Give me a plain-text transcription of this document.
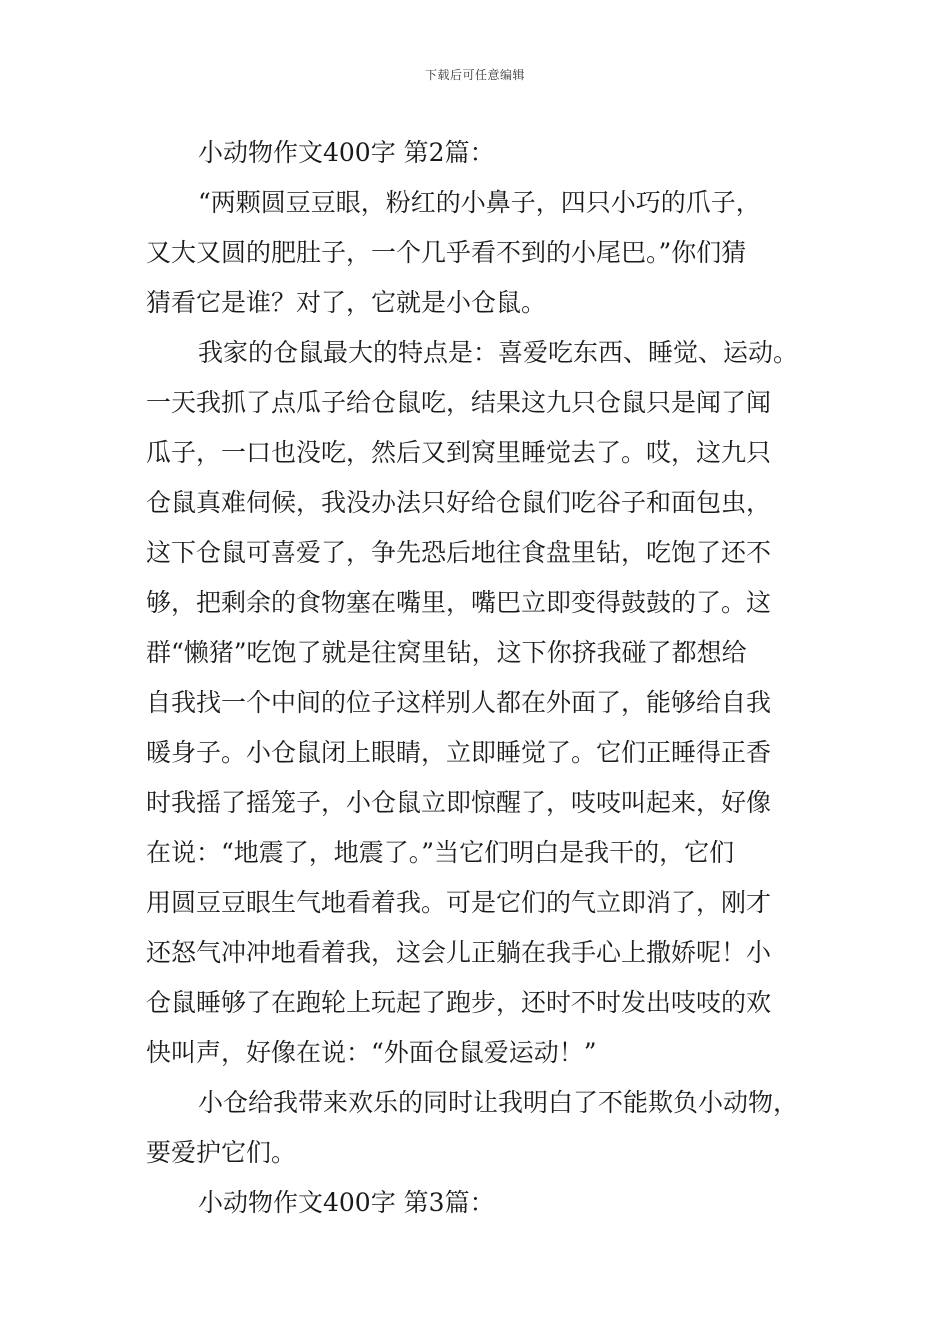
下载后可任意编辑
小动物作文400字 第2篇：
“两颗圆豆豆眼，粉红的小鼻子，四只小巧的爪子，
又大又圆的肥肚子，一个几乎看不到的小尾巴。”你们猜
猜看它是谁？对了，它就是小仓鼠。
我家的仓鼠最大的特点是：喜爱吃东西、睡觉、运动。
一天我抓了点瓜子给仓鼠吃，结果这九只仓鼠只是闻了闻
瓜子，一口也没吃，然后又到窝里睡觉去了。哎，这九只
仓鼠真难伺候，我没办法只好给仓鼠们吃谷子和面包虫，
这下仓鼠可喜爱了，争先恐后地往食盘里钻，吃饱了还不
够，把剩余的食物塞在嘴里，嘴巴立即变得鼓鼓的了。这
群“懒猪”吃饱了就是往窝里钻，这下你挤我碰了都想给
自我找一个中间的位子这样别人都在外面了，能够给自我
暖身子。小仓鼠闭上眼睛，立即睡觉了。它们正睡得正香
时我摇了摇笼子，小仓鼠立即惊醒了，吱吱叫起来，好像
在说：“地震了，地震了。”当它们明白是我干的，它们
用圆豆豆眼生气地看着我。可是它们的气立即消了，刚才
还怒气冲冲地看着我，这会儿正躺在我手心上撒娇呢！小
仓鼠睡够了在跑轮上玩起了跑步，还时不时发出吱吱的欢
快叫声，好像在说：“外面仓鼠爱运动！”
小仓给我带来欢乐的同时让我明白了不能欺负小动物，
要爱护它们。
小动物作文400字 第3篇：
